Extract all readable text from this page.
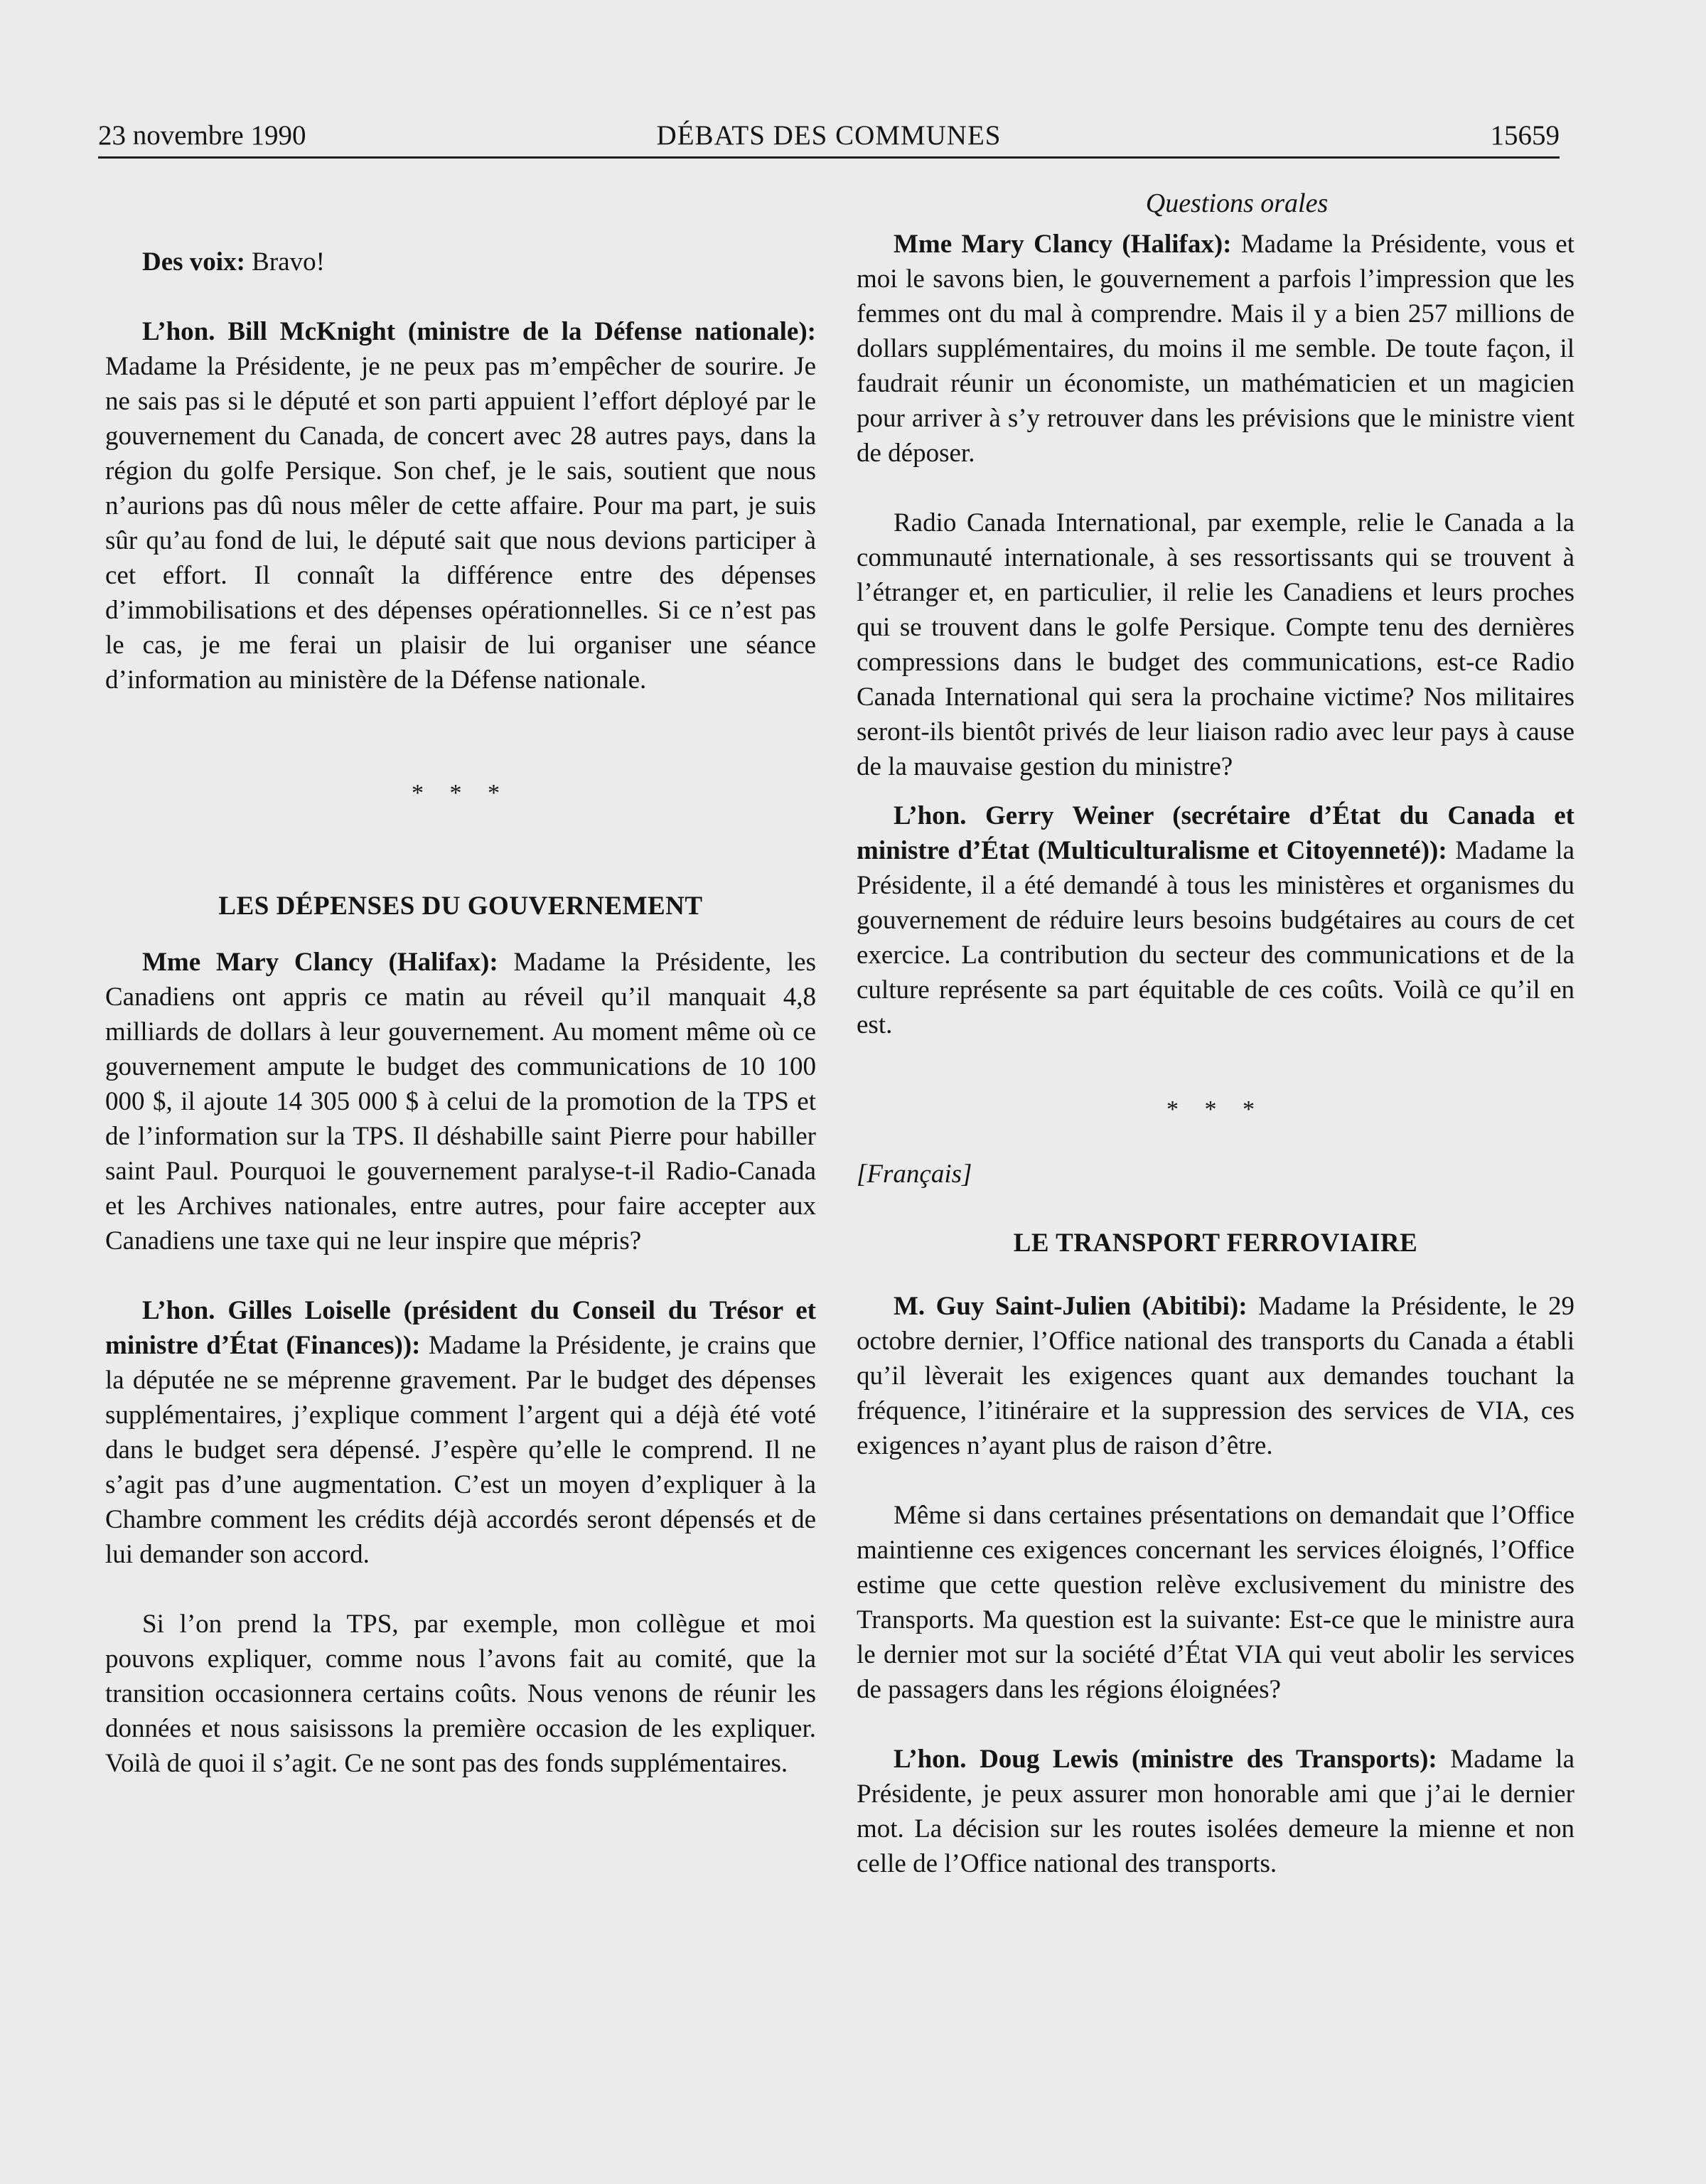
23 novembre 1990	DÉBATS DES COMMUNES	15659

Des voix: Bravo!

L’hon. Bill McKnight (ministre de la Défense nationale): Madame la Présidente, je ne peux pas m’empêcher de sourire. Je ne sais pas si le député et son parti appuient l’effort déployé par le gouvernement du Canada, de concert avec 28 autres pays, dans la région du golfe Persique. Son chef, je le sais, soutient que nous n’aurions pas dû nous mêler de cette affaire. Pour ma part, je suis sûr qu’au fond de lui, le député sait que nous devions participer à cet effort. Il connaît la différence entre des dépenses d’immobilisations et des dépenses opérationnelles. Si ce n’est pas le cas, je me ferai un plaisir de lui organiser une séance d’information au ministère de la Défense nationale.

* * *

LES DÉPENSES DU GOUVERNEMENT

Mme Mary Clancy (Halifax): Madame la Présidente, les Canadiens ont appris ce matin au réveil qu’il manquait 4,8 milliards de dollars à leur gouvernement. Au moment même où ce gouvernement ampute le budget des communications de 10 100 000 $, il ajoute 14 305 000 $ à celui de la promotion de la TPS et de l’information sur la TPS. Il déshabille saint Pierre pour habiller saint Paul. Pourquoi le gouvernement paralyse-t-il Radio-Canada et les Archives nationales, entre autres, pour faire accepter aux Canadiens une taxe qui ne leur inspire que mépris?

L’hon. Gilles Loiselle (président du Conseil du Trésor et ministre d’État (Finances)): Madame la Présidente, je crains que la députée ne se méprenne gravement. Par le budget des dépenses supplémentaires, j’explique comment l’argent qui a déjà été voté dans le budget sera dépensé. J’espère qu’elle le comprend. Il ne s’agit pas d’une augmentation. C’est un moyen d’expliquer à la Chambre comment les crédits déjà accordés seront dépensés et de lui demander son accord.

Si l’on prend la TPS, par exemple, mon collègue et moi pouvons expliquer, comme nous l’avons fait au comité, que la transition occasionnera certains coûts. Nous venons de réunir les données et nous saisissons la première occasion de les expliquer. Voilà de quoi il s’agit. Ce ne sont pas des fonds supplémentaires.

Questions orales

Mme Mary Clancy (Halifax): Madame la Présidente, vous et moi le savons bien, le gouvernement a parfois l’impression que les femmes ont du mal à comprendre. Mais il y a bien 257 millions de dollars supplémentaires, du moins il me semble. De toute façon, il faudrait réunir un économiste, un mathématicien et un magicien pour arriver à s’y retrouver dans les prévisions que le ministre vient de déposer.

Radio Canada International, par exemple, relie le Canada a la communauté internationale, à ses ressortissants qui se trouvent à l’étranger et, en particulier, il relie les Canadiens et leurs proches qui se trouvent dans le golfe Persique. Compte tenu des dernières compressions dans le budget des communications, est-ce Radio Canada International qui sera la prochaine victime? Nos militaires seront-ils bientôt privés de leur liaison radio avec leur pays à cause de la mauvaise gestion du ministre?

L’hon. Gerry Weiner (secrétaire d’État du Canada et ministre d’État (Multiculturalisme et Citoyenneté)): Madame la Présidente, il a été demandé à tous les ministères et organismes du gouvernement de réduire leurs besoins budgétaires au cours de cet exercice. La contribution du secteur des communications et de la culture représente sa part équitable de ces coûts. Voilà ce qu’il en est.

* * *

[Français]

LE TRANSPORT FERROVIAIRE

M. Guy Saint-Julien (Abitibi): Madame la Présidente, le 29 octobre dernier, l’Office national des transports du Canada a établi qu’il lèverait les exigences quant aux demandes touchant la fréquence, l’itinéraire et la suppression des services de VIA, ces exigences n’ayant plus de raison d’être.

Même si dans certaines présentations on demandait que l’Office maintienne ces exigences concernant les services éloignés, l’Office estime que cette question relève exclusivement du ministre des Transports. Ma question est la suivante: Est-ce que le ministre aura le dernier mot sur la société d’État VIA qui veut abolir les services de passagers dans les régions éloignées?

L’hon. Doug Lewis (ministre des Transports): Madame la Présidente, je peux assurer mon honorable ami que j’ai le dernier mot. La décision sur les routes isolées demeure la mienne et non celle de l’Office national des transports.
